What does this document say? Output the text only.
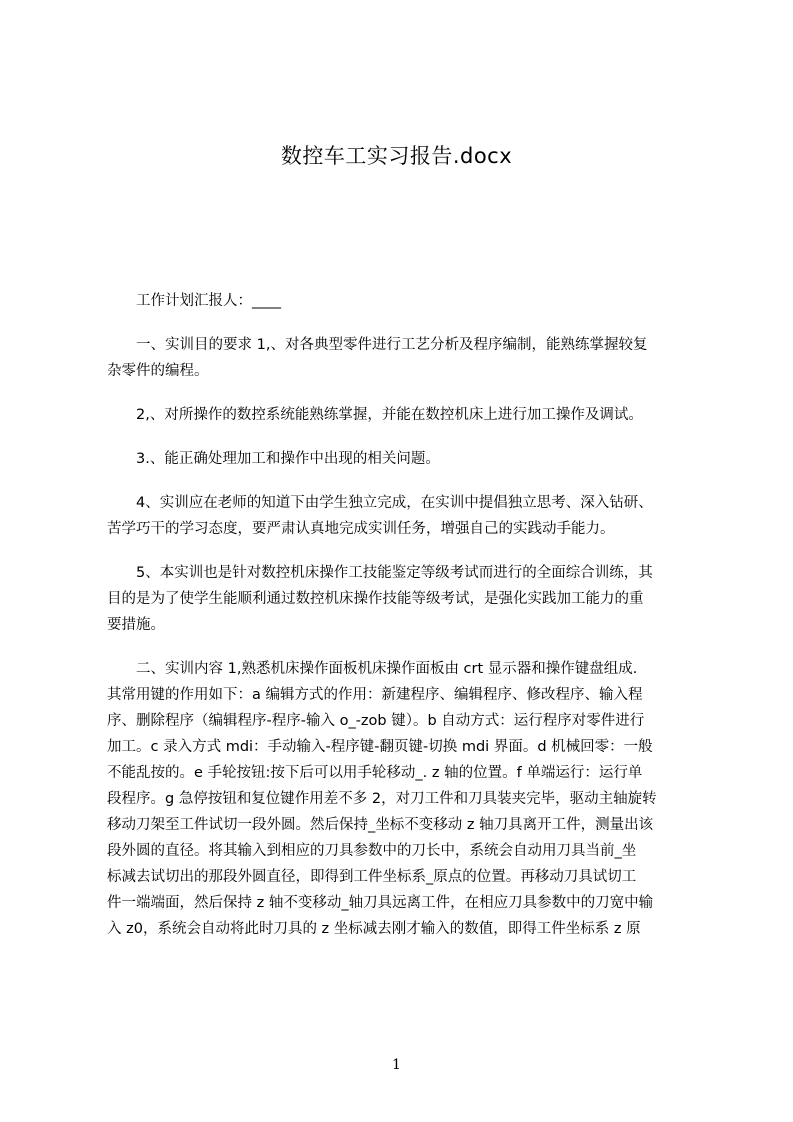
数控车工实习报告.docx

工作计划汇报人：____

一、实训目的要求 1,、对各典型零件进行工艺分析及程序编制，能熟练掌握较复
杂零件的编程。

2,、对所操作的数控系统能熟练掌握，并能在数控机床上进行加工操作及调试。

3.、能正确处理加工和操作中出现的相关问题。

4、实训应在老师的知道下由学生独立完成，在实训中提倡独立思考、深入钻研、
苦学巧干的学习态度，要严肃认真地完成实训任务，增强自己的实践动手能力。

5、本实训也是针对数控机床操作工技能鉴定等级考试而进行的全面综合训练，其
目的是为了使学生能顺利通过数控机床操作技能等级考试，是强化实践加工能力的重
要措施。

二、实训内容 1,熟悉机床操作面板机床操作面板由 crt 显示器和操作键盘组成.
其常用键的作用如下：a 编辑方式的作用：新建程序、编辑程序、修改程序、输入程
序、删除程序（编辑程序-程序-输入 o_-zob 键）。b 自动方式：运行程序对零件进行
加工。c 录入方式 mdi：手动输入-程序键-翻页键-切换 mdi 界面。d 机械回零：一般
不能乱按的。e 手轮按钮:按下后可以用手轮移动_. z 轴的位置。f 单端运行：运行单
段程序。g 急停按钮和复位键作用差不多 2，对刀工件和刀具装夹完毕，驱动主轴旋转
移动刀架至工件试切一段外圆。然后保持_坐标不变移动 z 轴刀具离开工件，测量出该
段外圆的直径。将其输入到相应的刀具参数中的刀长中，系统会自动用刀具当前_坐
标减去试切出的那段外圆直径，即得到工件坐标系_原点的位置。再移动刀具试切工
件一端端面，然后保持 z 轴不变移动_轴刀具远离工件，在相应刀具参数中的刀宽中输
入 z0，系统会自动将此时刀具的 z 坐标减去刚才输入的数值，即得工件坐标系 z 原

1
